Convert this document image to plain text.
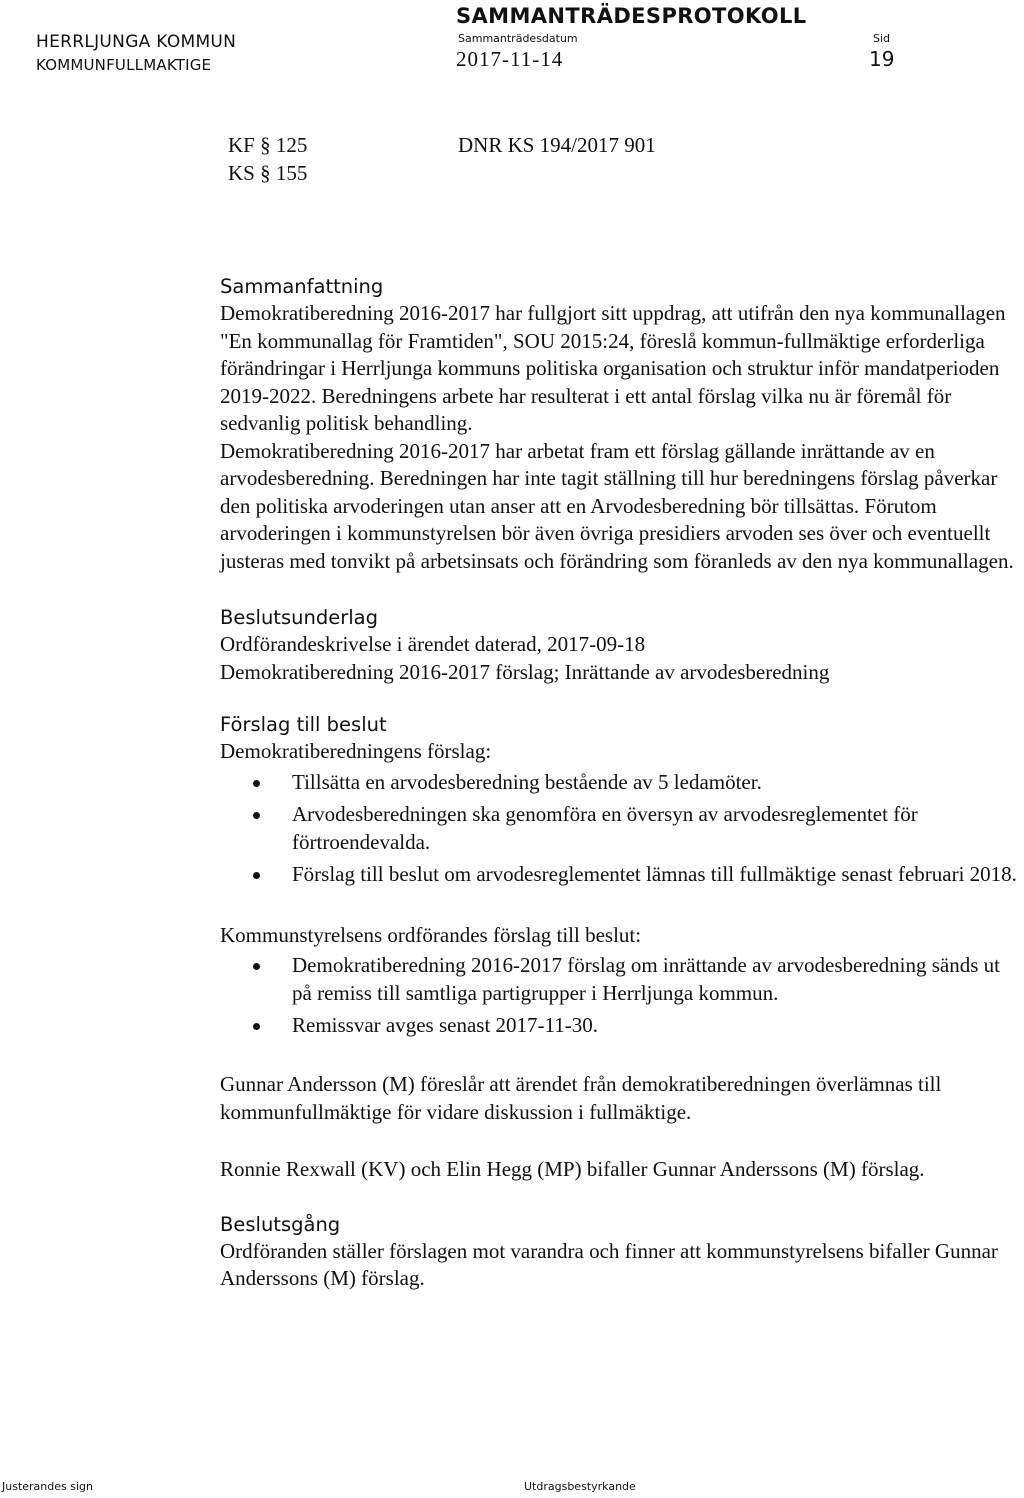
HERRLJUNGA KOMMUN
KOMMUNFULLMAKTIGE
SAMMANTRÄDESPROTOKOLL
Sammanträdesdatum
2017-11-14
Sid
19
KF § 125
KS § 155
DNR KS 194/2017 901
Sammanfattning

Demokratiberedning 2016-2017 har fullgjort sitt uppdrag, att utifrån den nya kommunallagen "En kommunallag för Framtiden", SOU 2015:24, föreslå kommun-fullmäktige erforderliga förändringar i Herrljunga kommuns politiska organisation och struktur inför mandatperioden 2019-2022. Beredningens arbete har resulterat i ett antal förslag vilka nu är föremål för sedvanlig politisk behandling.

Demokratiberedning 2016-2017 har arbetat fram ett förslag gällande inrättande av en arvodesberedning. Beredningen har inte tagit ställning till hur beredningens förslag påverkar den politiska arvoderingen utan anser att en Arvodesberedning bör tillsättas. Förutom arvoderingen i kommunstyrelsen bör även övriga presidiers arvoden ses över och eventuellt justeras med tonvikt på arbetsinsats och förändring som föranleds av den nya kommunallagen.

Beslutsunderlag

Ordförandeskrivelse i ärendet daterad, 2017-09-18

Demokratiberedning 2016-2017 förslag; Inrättande av arvodesberedning

Förslag till beslut
Demokratiberedningens förslag:
Tillsätta en arvodesberedning bestående av 5 ledamöter.
Arvodesberedningen ska genomföra en översyn av arvodesreglementet för förtroendevalda.
Förslag till beslut om arvodesreglementet lämnas till fullmäktige senast februari 2018.
Kommunstyrelsens ordförandes förslag till beslut:
Demokratiberedning 2016-2017 förslag om inrättande av arvodesberedning sänds ut på remiss till samtliga partigrupper i Herrljunga kommun.
Remissvar avges senast 2017-11-30.
Gunnar Andersson (M) föreslår att ärendet från demokratiberedningen överlämnas till kommunfullmäktige för vidare diskussion i fullmäktige.
Ronnie Rexwall (KV) och Elin Hegg (MP) bifaller Gunnar Anderssons (M) förslag.
Beslutsgång
Ordföranden ställer förslagen mot varandra och finner att kommunstyrelsens bifaller Gunnar Anderssons (M) förslag.
Justerandes sign	Utdragsbestyrkande
